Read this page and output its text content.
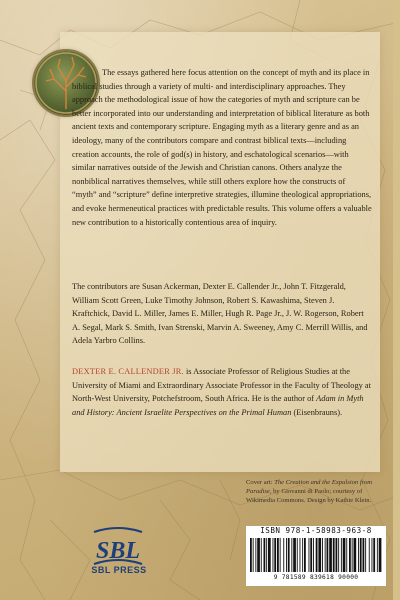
The essays gathered here focus attention on the concept of myth and its place in biblical studies through a variety of multi- and interdisciplinary approaches. They approach the methodological issue of how the categories of myth and scripture can be better incorporated into our understanding and interpretation of biblical literature as both ancient texts and contemporary scripture. Engaging myth as a literary genre and as an ideology, many of the contributors compare and contrast biblical texts—including creation accounts, the role of god(s) in history, and eschatological scenarios—with similar narratives outside of the Jewish and Christian canons. Others analyze the nonbiblical narratives themselves, while still others explore how the constructs of “myth” and “scripture” define interpretive strategies, illumine theological appropriations, and evoke hermeneutical practices with predictable results. This volume offers a valuable new contribution to a historically contentious area of inquiry.
The contributors are Susan Ackerman, Dexter E. Callender Jr., John T. Fitzgerald, William Scott Green, Luke Timothy Johnson, Robert S. Kawashima, Steven J. Kraftchick, David L. Miller, James E. Miller, Hugh R. Page Jr., J. W. Rogerson, Robert A. Segal, Mark S. Smith, Ivan Strenski, Marvin A. Sweeney, Amy C. Merrill Willis, and Adela Yarbro Collins.
DEXTER E. CALLENDER JR. is Associate Professor of Religious Studies at the University of Miami and Extraordinary Associate Professor in the Faculty of Theology at North-West University, Potchefstroom, South Africa. He is the author of Adam in Myth and History: Ancient Israelite Perspectives on the Primal Human (Eisenbrauns).
Cover art: The Creation and the Expulsion from Paradise, by Giovanni di Paolo; courtesy of Wikimedia Commons. Design by Kathie Klein.
ISBN 978-1-58983-963-8
9 781589 839618 90000
SBL
SBL PRESS
